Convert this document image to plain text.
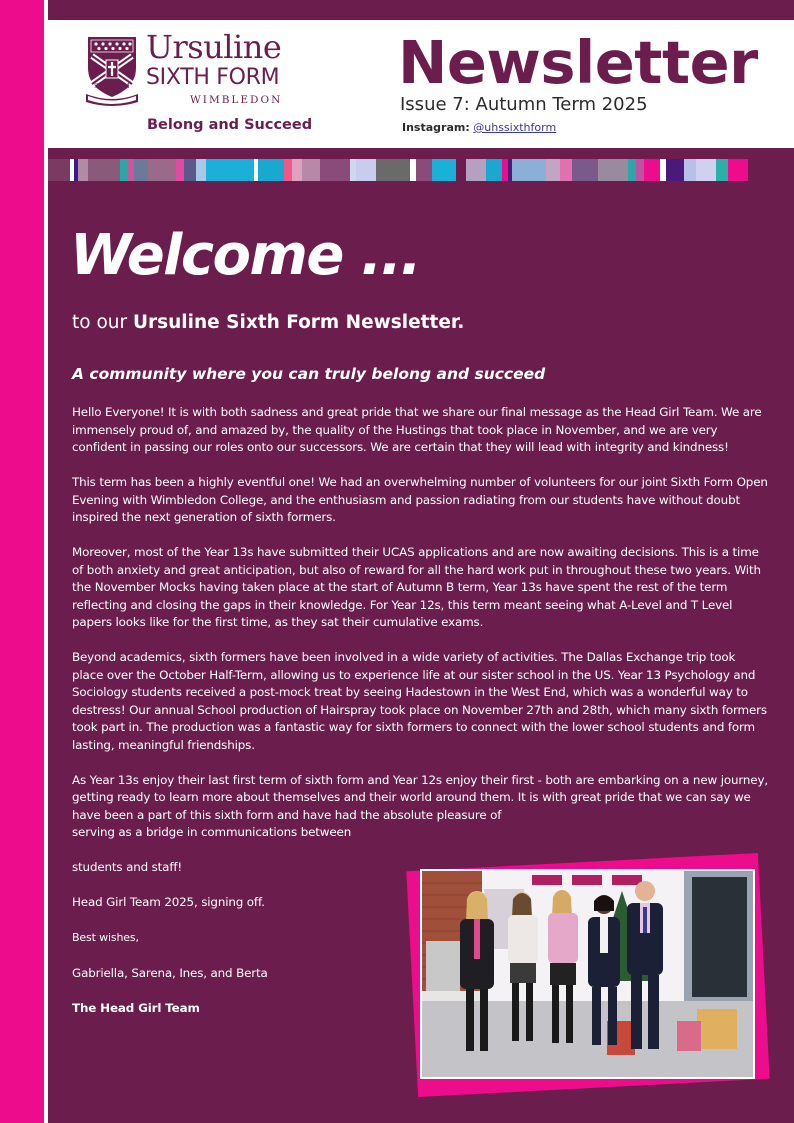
Ursuline
SIXTH FORM
WIMBLEDON
SERVIAM
Belong and Succeed
Newsletter
Issue 7: Autumn Term 2025
Instagram: @uhssixthform
Welcome ...
to our Ursuline Sixth Form Newsletter.
A community where you can truly belong and succeed

Hello Everyone! It is with both sadness and great pride that we share our final message as the Head Girl Team. We are immensely proud of, and amazed by, the quality of the Hustings that took place in November, and we are very confident in passing our roles onto our successors. We are certain that they will lead with integrity and kindness!

This term has been a highly eventful one! We had an overwhelming number of volunteers for our joint Sixth Form Open Evening with Wimbledon College, and the enthusiasm and passion radiating from our students have without doubt inspired the next generation of sixth formers.

Moreover, most of the Year 13s have submitted their UCAS applications and are now awaiting decisions. This is a time of both anxiety and great anticipation, but also of reward for all the hard work put in throughout these two years. With the November Mocks having taken place at the start of Autumn B term, Year 13s have spent the rest of the term reflecting and closing the gaps in their knowledge. For Year 12s, this term meant seeing what A-Level and T Level papers looks like for the first time, as they sat their cumulative exams.

Beyond academics, sixth formers have been involved in a wide variety of activities. The Dallas Exchange trip took place over the October Half-Term, allowing us to experience life at our sister school in the US. Year 13 Psychology and Sociology students received a post-mock treat by seeing Hadestown in the West End, which was a wonderful way to destress! Our annual School production of Hairspray took place on November 27th and 28th, which many sixth formers took part in. The production was a fantastic way for sixth formers to connect with the lower school students and form lasting, meaningful friendships.

As Year 13s enjoy their last first term of sixth form and Year 12s enjoy their first - both are embarking on a new journey, getting ready to learn more about themselves and their world around them. It is with great pride that we can say we have been a part of this sixth form and have had the absolute pleasure of

serving as a bridge in communications between

students and staff!

Head Girl Team 2025, signing off.

Best wishes,

Gabriella, Sarena, Ines, and Berta

The Head Girl Team
